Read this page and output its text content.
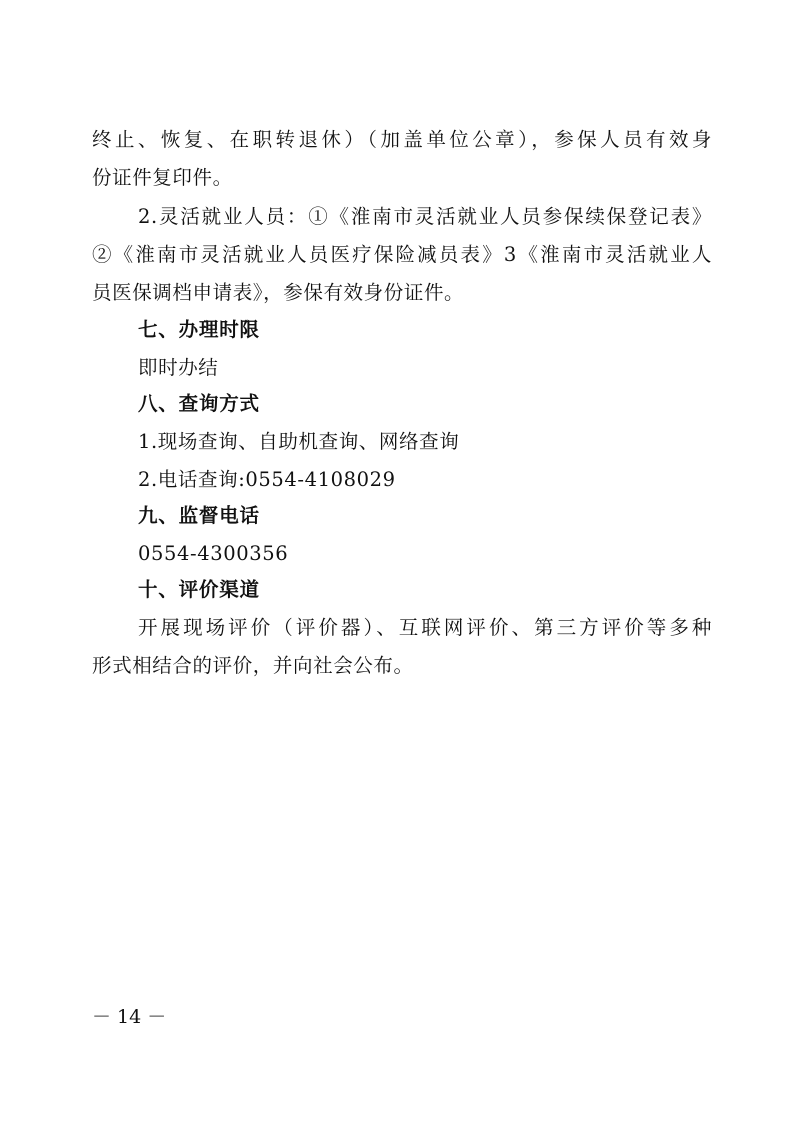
终止、恢复、在职转退休）（加盖单位公章），参保人员有效身
份证件复印件。
2.灵活就业人员：①《淮南市灵活就业人员参保续保登记表》
②《淮南市灵活就业人员医疗保险减员表》3《淮南市灵活就业人
员医保调档申请表》，参保有效身份证件。
七、办理时限
即时办结
八、查询方式
1.现场查询、自助机查询、网络查询
2.电话查询:0554-4108029
九、监督电话
0554-4300356
十、评价渠道
开展现场评价（评价器）、互联网评价、第三方评价等多种
形式相结合的评价，并向社会公布。
－ 14 －
